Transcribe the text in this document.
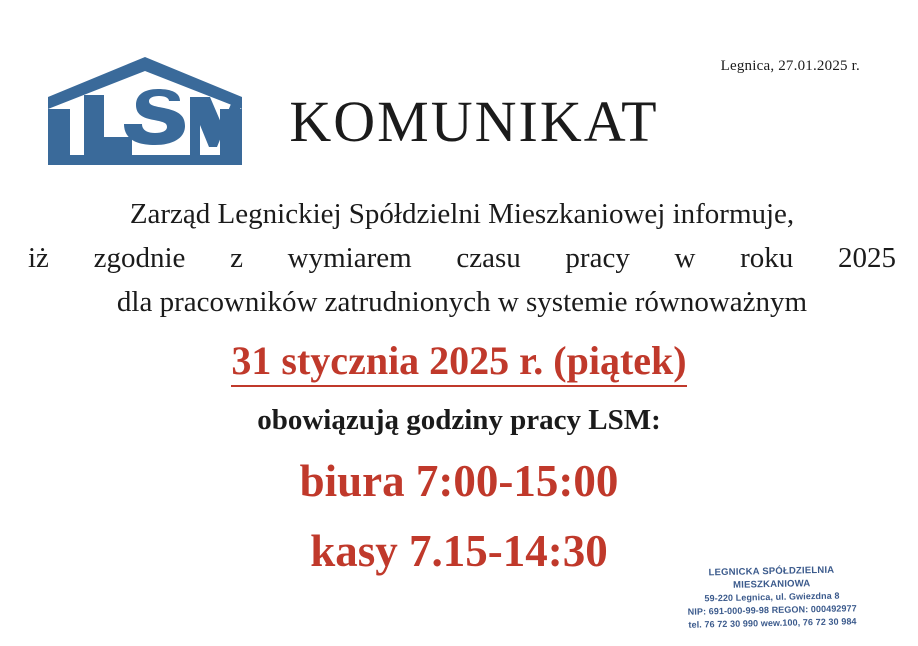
Legnica, 27.01.2025 r.
KOMUNIKAT
Zarząd Legnickiej Spółdzielni Mieszkaniowej informuje,
iż zgodnie z wymiarem czasu pracy w roku 2025
dla pracowników zatrudnionych w systemie równoważnym
31 stycznia 2025 r. (piątek)
obowiązują godziny pracy LSM:
biura 7:00-15:00
kasy 7.15-14:30	LEGNICKA SPÓŁDZIELNIA MIESZKANIOWA
59-220 Legnica, ul. Gwiezdna 8
NIP: 691-000-99-98 REGON: 000492977
tel. 76 72 30 990 wew.100, 76 72 30 984
